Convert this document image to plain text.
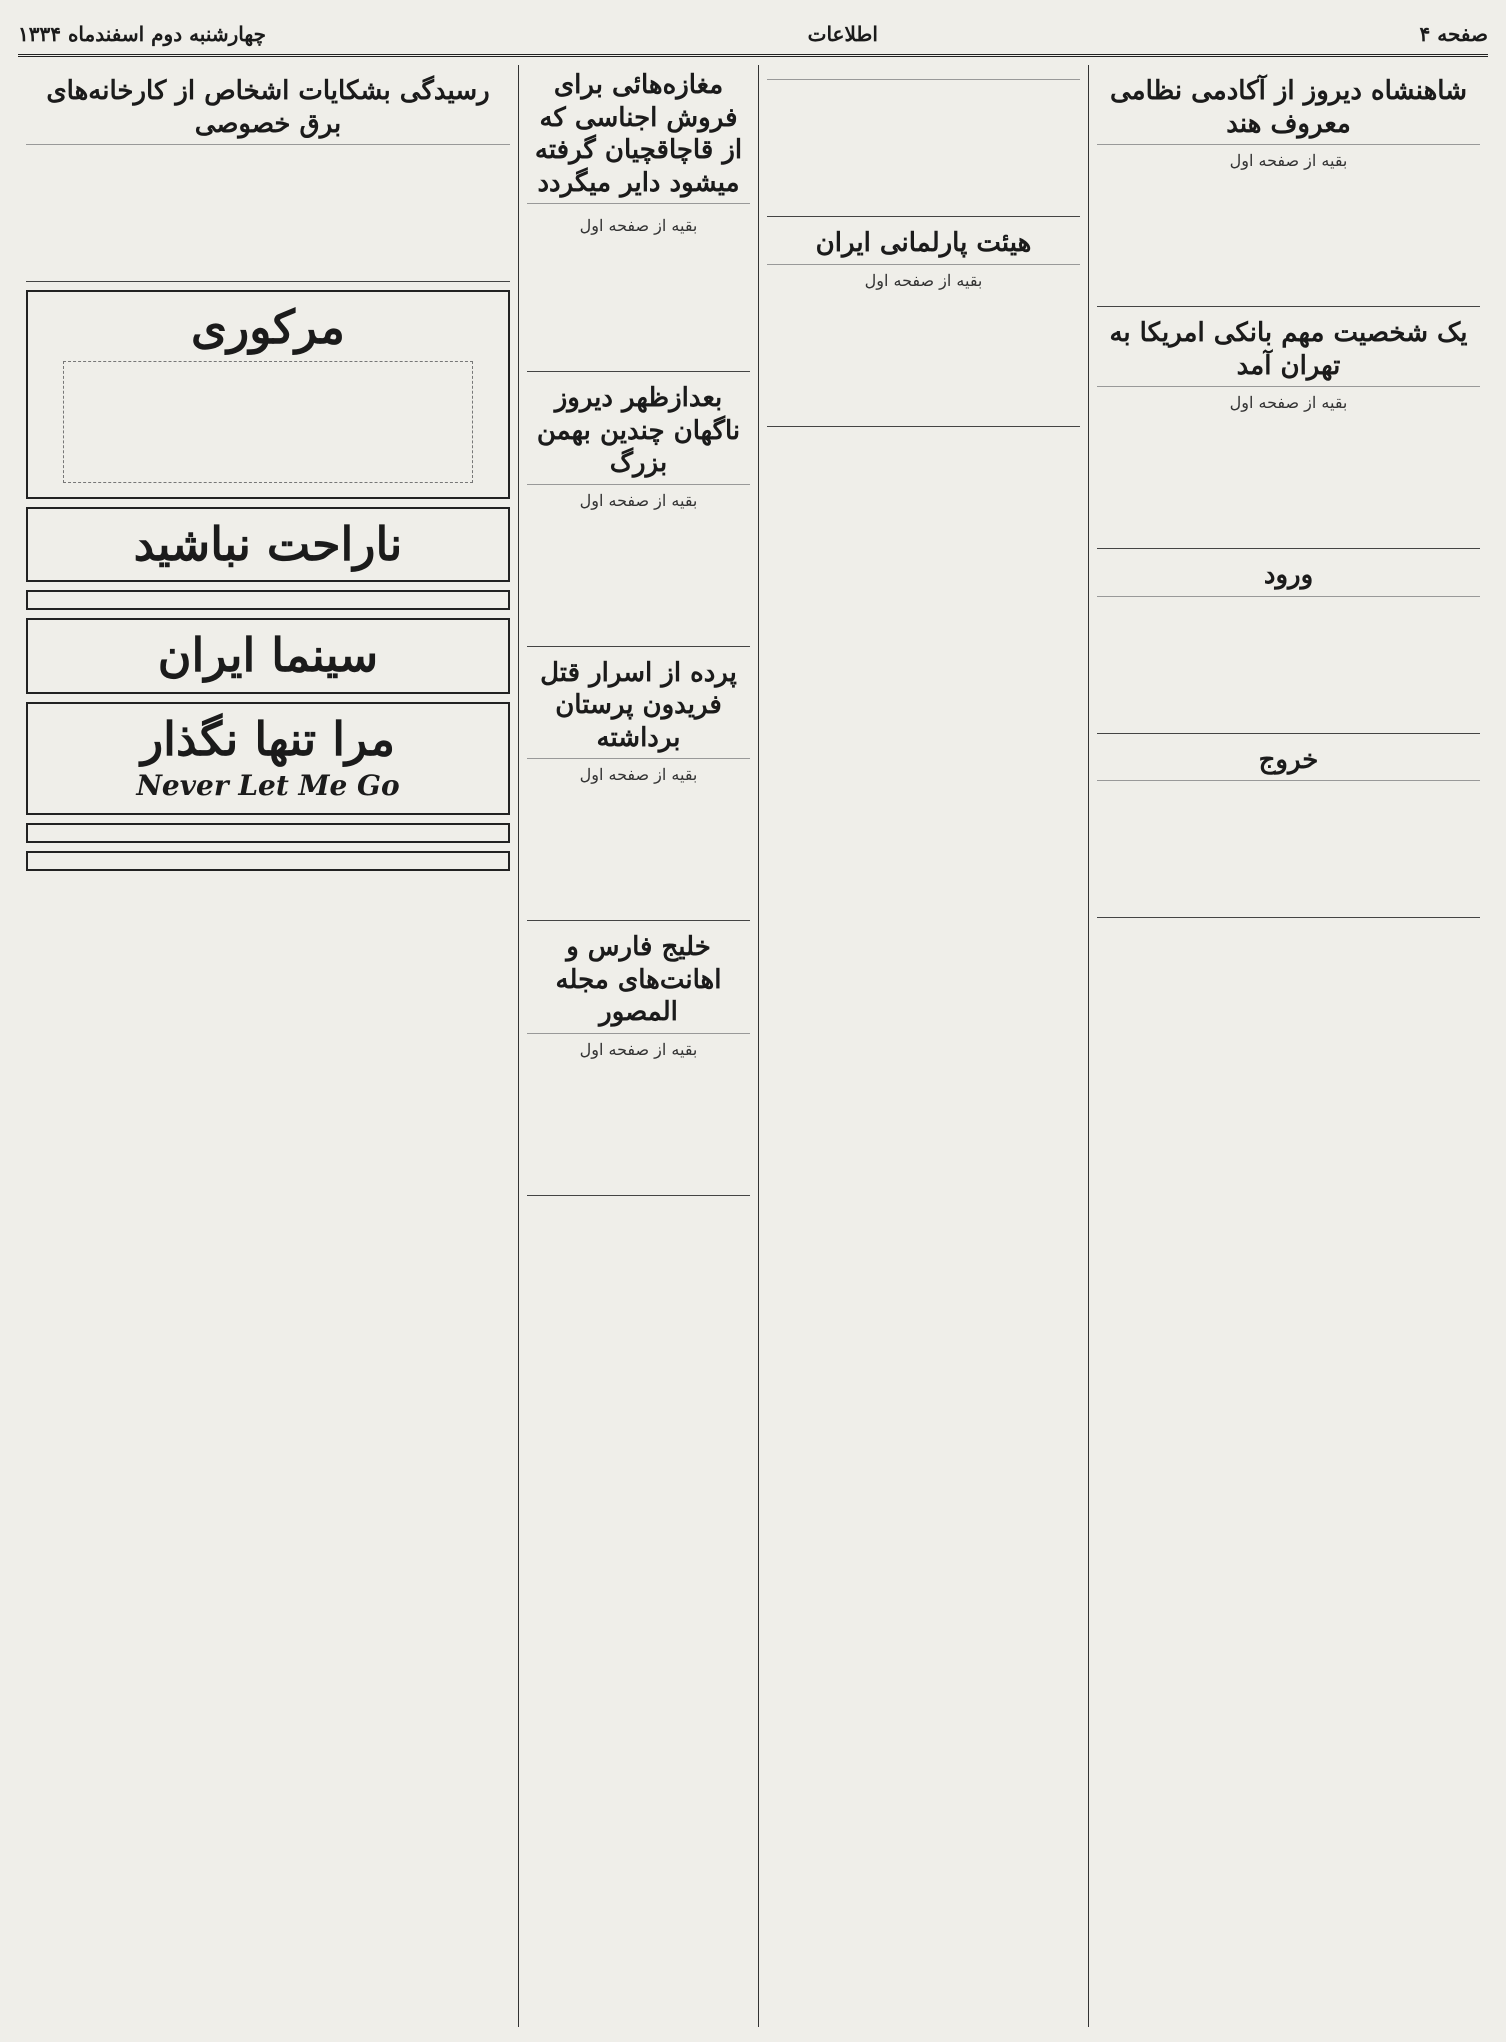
صفحه ۴
اطلاعات
چهارشنبه دوم اسفندماه ۱۳۳۴
شاهنشاه دیروز از آکادمی نظامی معروف هند
بقیه از صفحه اول
یک شخصیت مهم بانکی امریکا به تهران آمد
بقیه از صفحه اول
ورود
خروج
هیئت پارلمانی ایران
بقیه از صفحه اول
مغازه‌هائی برای فروش اجناسی که از قاچاقچیان گرفته میشود دایر میگردد
بقیه از صفحه اول
بعدازظهر دیروز ناگهان چندین بهمن بزرگ
بقیه از صفحه اول
پرده از اسرار قتل فریدون پرستان برداشته
بقیه از صفحه اول
خلیج فارس و اهانت‌های مجله المصور
بقیه از صفحه اول
رسیدگی بشکایات اشخاص از کارخانه‌های برق خصوصی
مرکوری
ناراحت نباشید
سینما ایران
مرا تنها نگذار
Never Let Me Go
